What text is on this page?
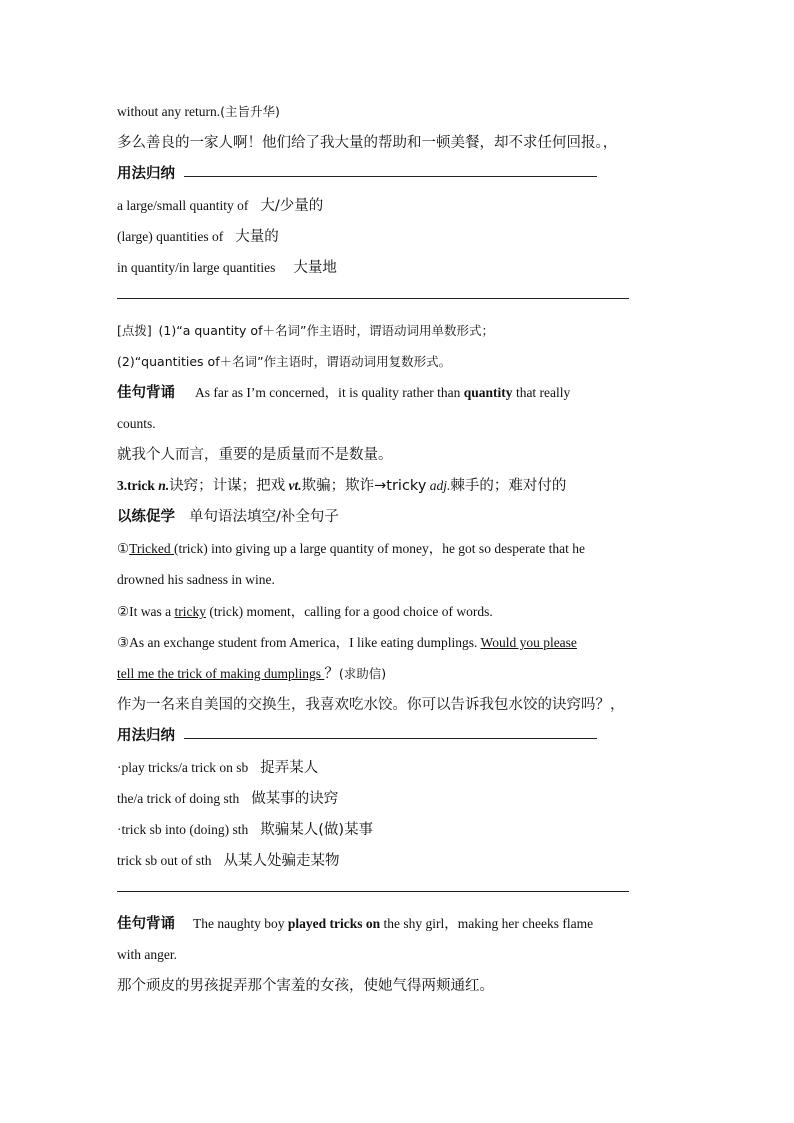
without any return.(主旨升华)
多么善良的一家人啊！他们给了我大量的帮助和一顿美餐，却不求任何回报。，
用法归纳
a large/small quantity of 大/少量的
(large) quantities of 大量的
in quantity/in large quantities 大量地
[点拨] (1)“a quantity of＋名词”作主语时，谓语动词用单数形式；
(2)“quantities of＋名词”作主语时，谓语动词用复数形式。
佳句背诵 As far as I’m concerned，it is quality rather than quantity that really
counts.
就我个人而言，重要的是质量而不是数量。
3.trick n.诀窍；计谋；把戏 vt.欺骗；欺诈→tricky adj.棘手的；难对付的
以练促学 单句语法填空/补全句子
①Tricked (trick) into giving up a large quantity of money，he got so desperate that he
drowned his sadness in wine.
②It was a tricky (trick) moment，calling for a good choice of words.
③As an exchange student from America，I like eating dumplings. Would you please
tell me the trick of making dumplings ？(求助信)
作为一名来自美国的交换生，我喜欢吃水饺。你可以告诉我包水饺的诀窍吗？，
用法归纳
·play tricks/a trick on sb 捉弄某人
the/a trick of doing sth 做某事的诀窍
·trick sb into (doing) sth 欺骗某人(做)某事
trick sb out of sth 从某人处骗走某物
佳句背诵 The naughty boy played tricks on the shy girl，making her cheeks flame
with anger.
那个顽皮的男孩捉弄那个害羞的女孩，使她气得两颊通红。
